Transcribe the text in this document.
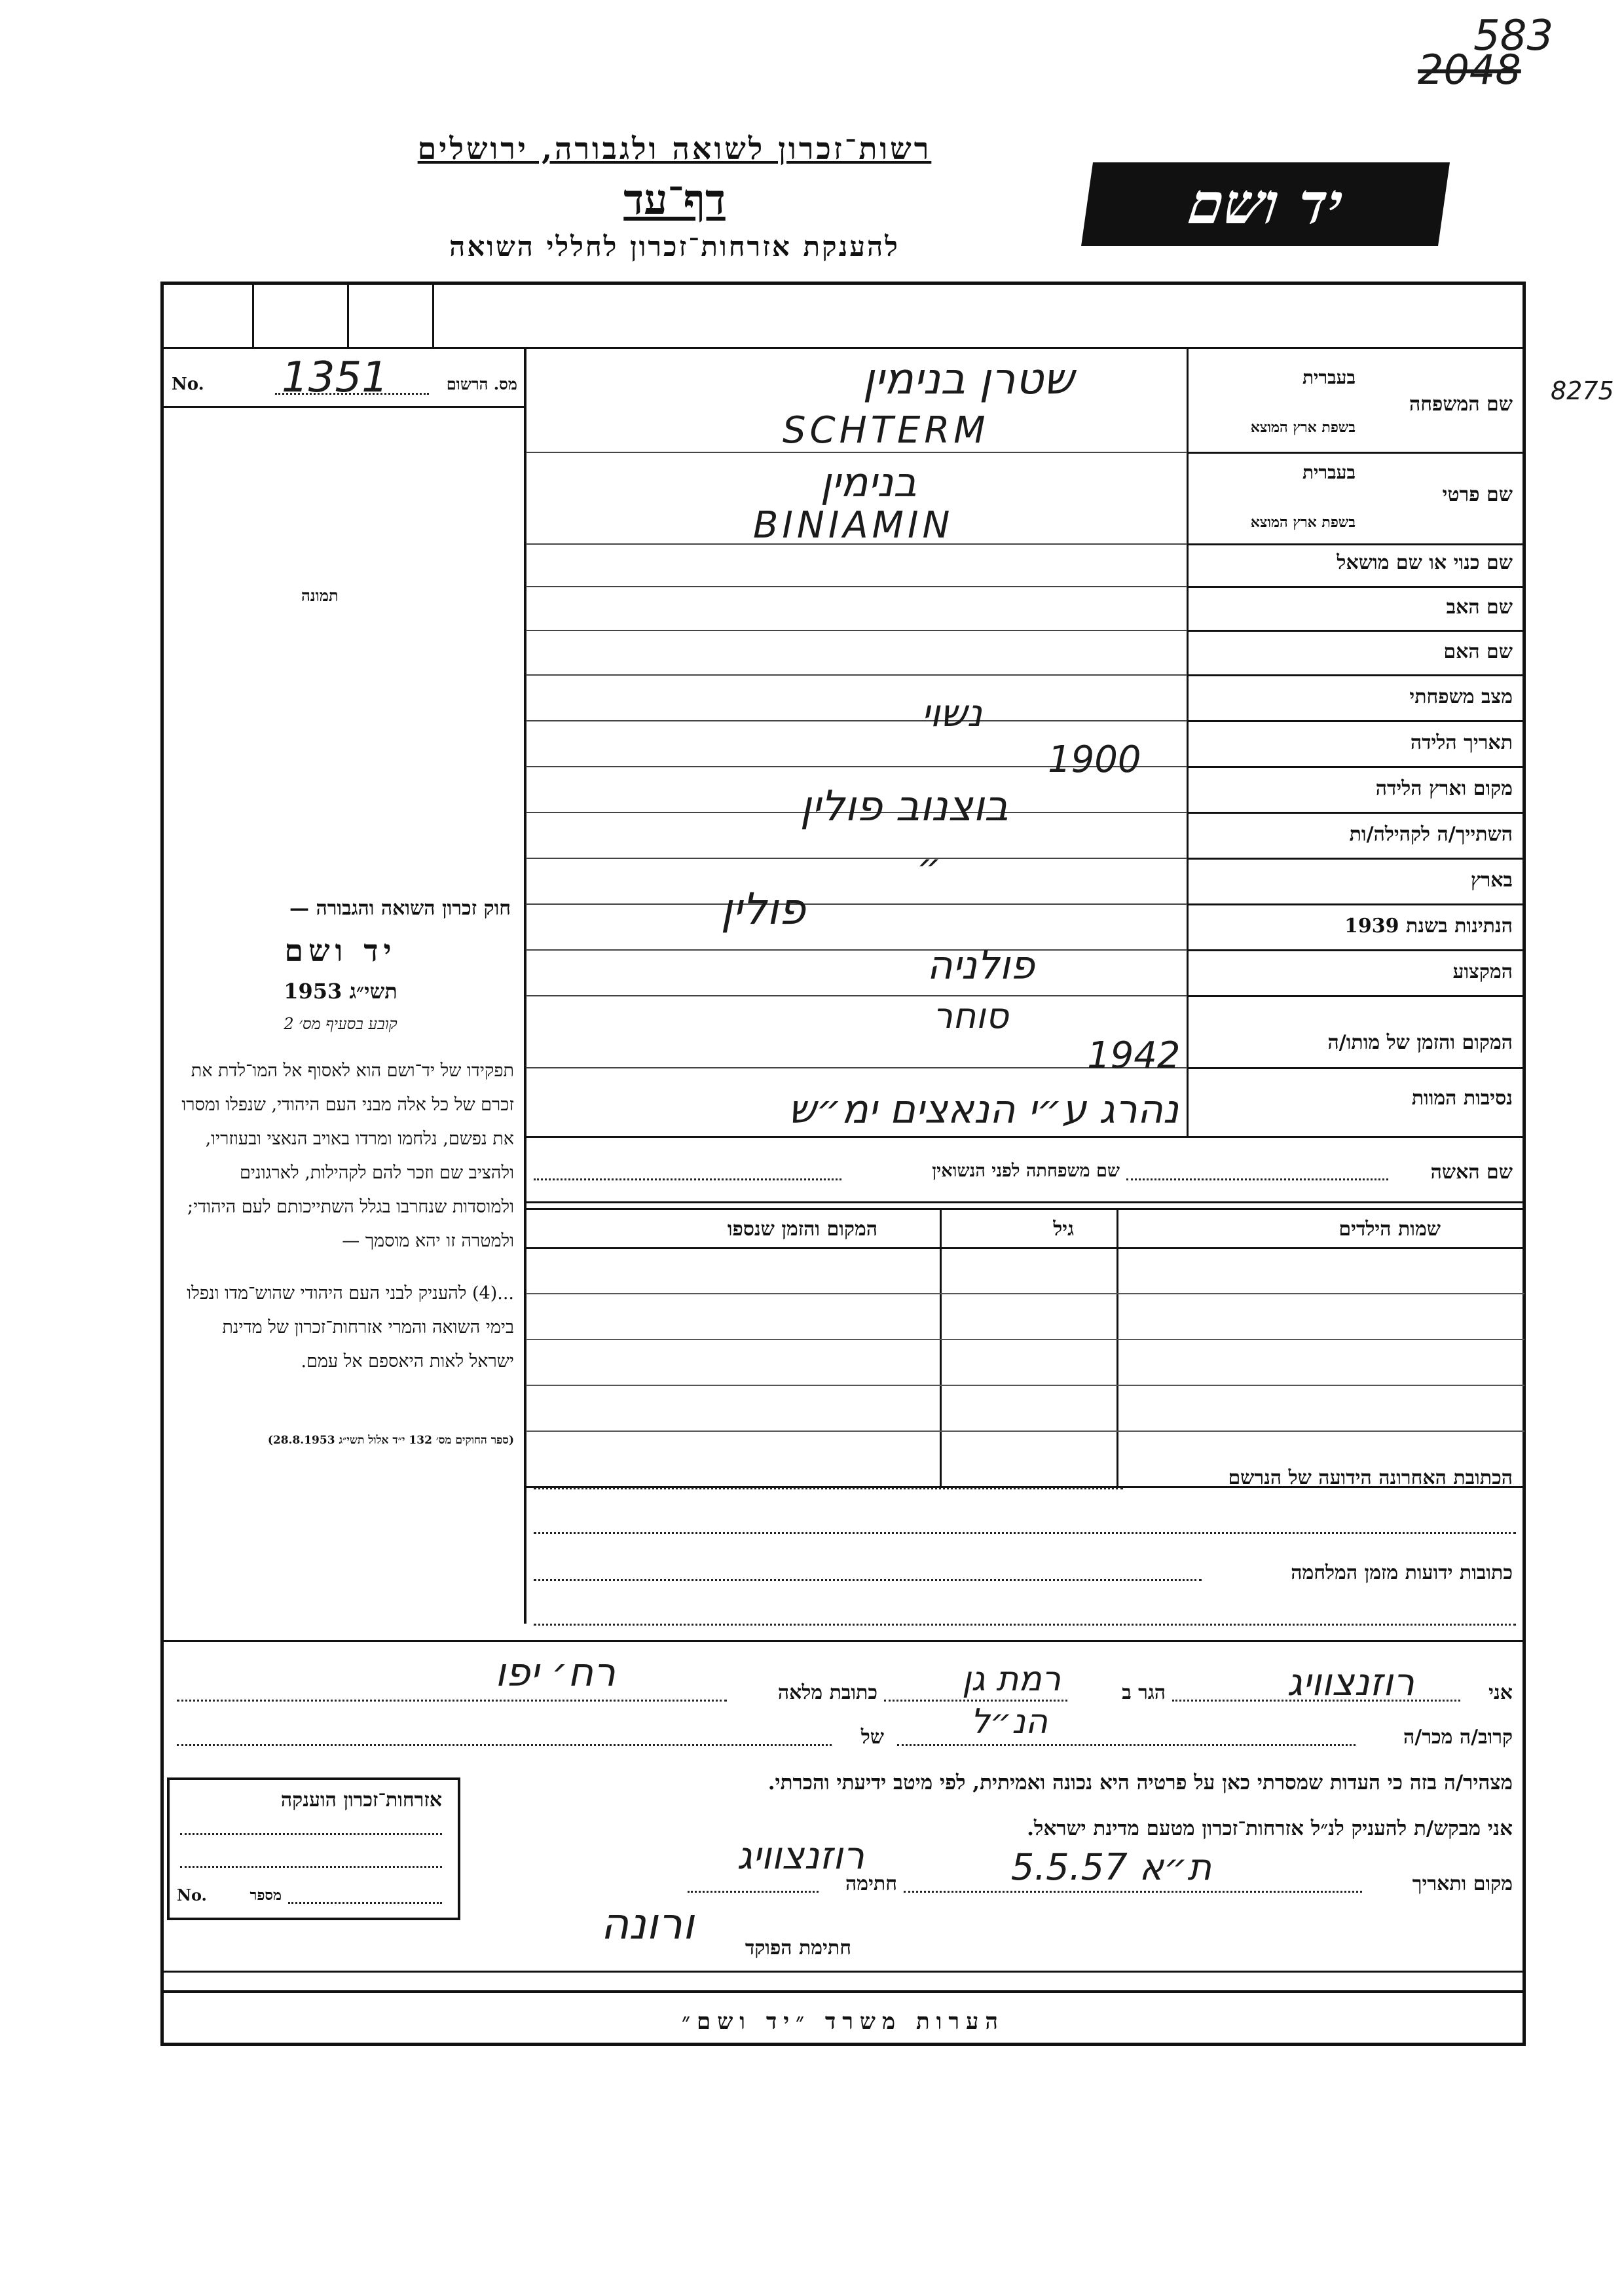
583
2048
8275
רשות־זכרון לשואה ולגבורה, ירושלים
דף־עד
להענקת אזרחות־זכרון לחללי השואה
יד ושם
מס. הרשום
1351
No.
תמונה
שם המשפחה
בעברית
בשפת ארץ המוצא
שם פרטי
בעברית
בשפת ארץ המוצא
שם כנוי או שם מושאל
שם האב
שם האם
מצב משפחתי
תאריך הלידה
מקום וארץ הלידה
השתייך/ה לקהילה/ות
בארץ
הנתינות בשנת 1939
המקצוע
המקום והזמן של מותו/ה
נסיבות המוות
שטרן בנימין
SCHTERM
בנימין
BINIAMIN
נשוי
1900
בוצנוב פולין
״
פולין
פולניה
סוחר
1942
נהרג ע״י הנאצים ימ״ש
שם האשה
שם משפחתה לפני הנשואין
שמות הילדים
גיל
המקום והזמן שנספו
חוק זכרון השואה והגבורה —
יד ושם
תשי״ג 1953
קובע בסעיף מס׳ 2
תפקידו של יד־ושם הוא לאסוף אל המו־לדת את זכרם של כל אלה מבני העם היהודי, שנפלו ומסרו את נפשם, נלחמו ומרדו באויב הנאצי ובעוזריו, ולהציב שם וזכר להם לקהילות, לארגונים ולמוסדות שנחרבו בגלל השתייכותם לעם היהודי; ולמטרה זו יהא מוסמך —
...(4) להעניק לבני העם היהודי שהוש־מדו ונפלו בימי השואה והמרי אזרחות־זכרון של מדינת ישראל לאות היאספם אל עמם.
(ספר החוקים מס׳ 132 י״ד אלול תשי״ג 28.8.1953)
הכתובת האחרונה הידועה של הנרשם
כתובות ידועות מזמן המלחמה
אני
רוזנצוויג
הגר ב
רמת גן
כתובת מלאה
רח׳ יפו
קרוב/ה מכר/ה
של	הנ״ל
מצהיר/ה בזה כי העדות שמסרתי כאן על פרטיה היא נכונה ואמיתית, לפי מיטב ידיעתי והכרתי.
אני מבקש/ת להעניק לנ״ל אזרחות־זכרון מטעם מדינת ישראל.
מקום ותאריך
ת״א 5.5.57
חתימה
רוזנצוויג
חתימת הפוקד
ורונה
אזרחות־זכרון הוענקה
No.	מספר
הערות משרד ״יד ושם״
